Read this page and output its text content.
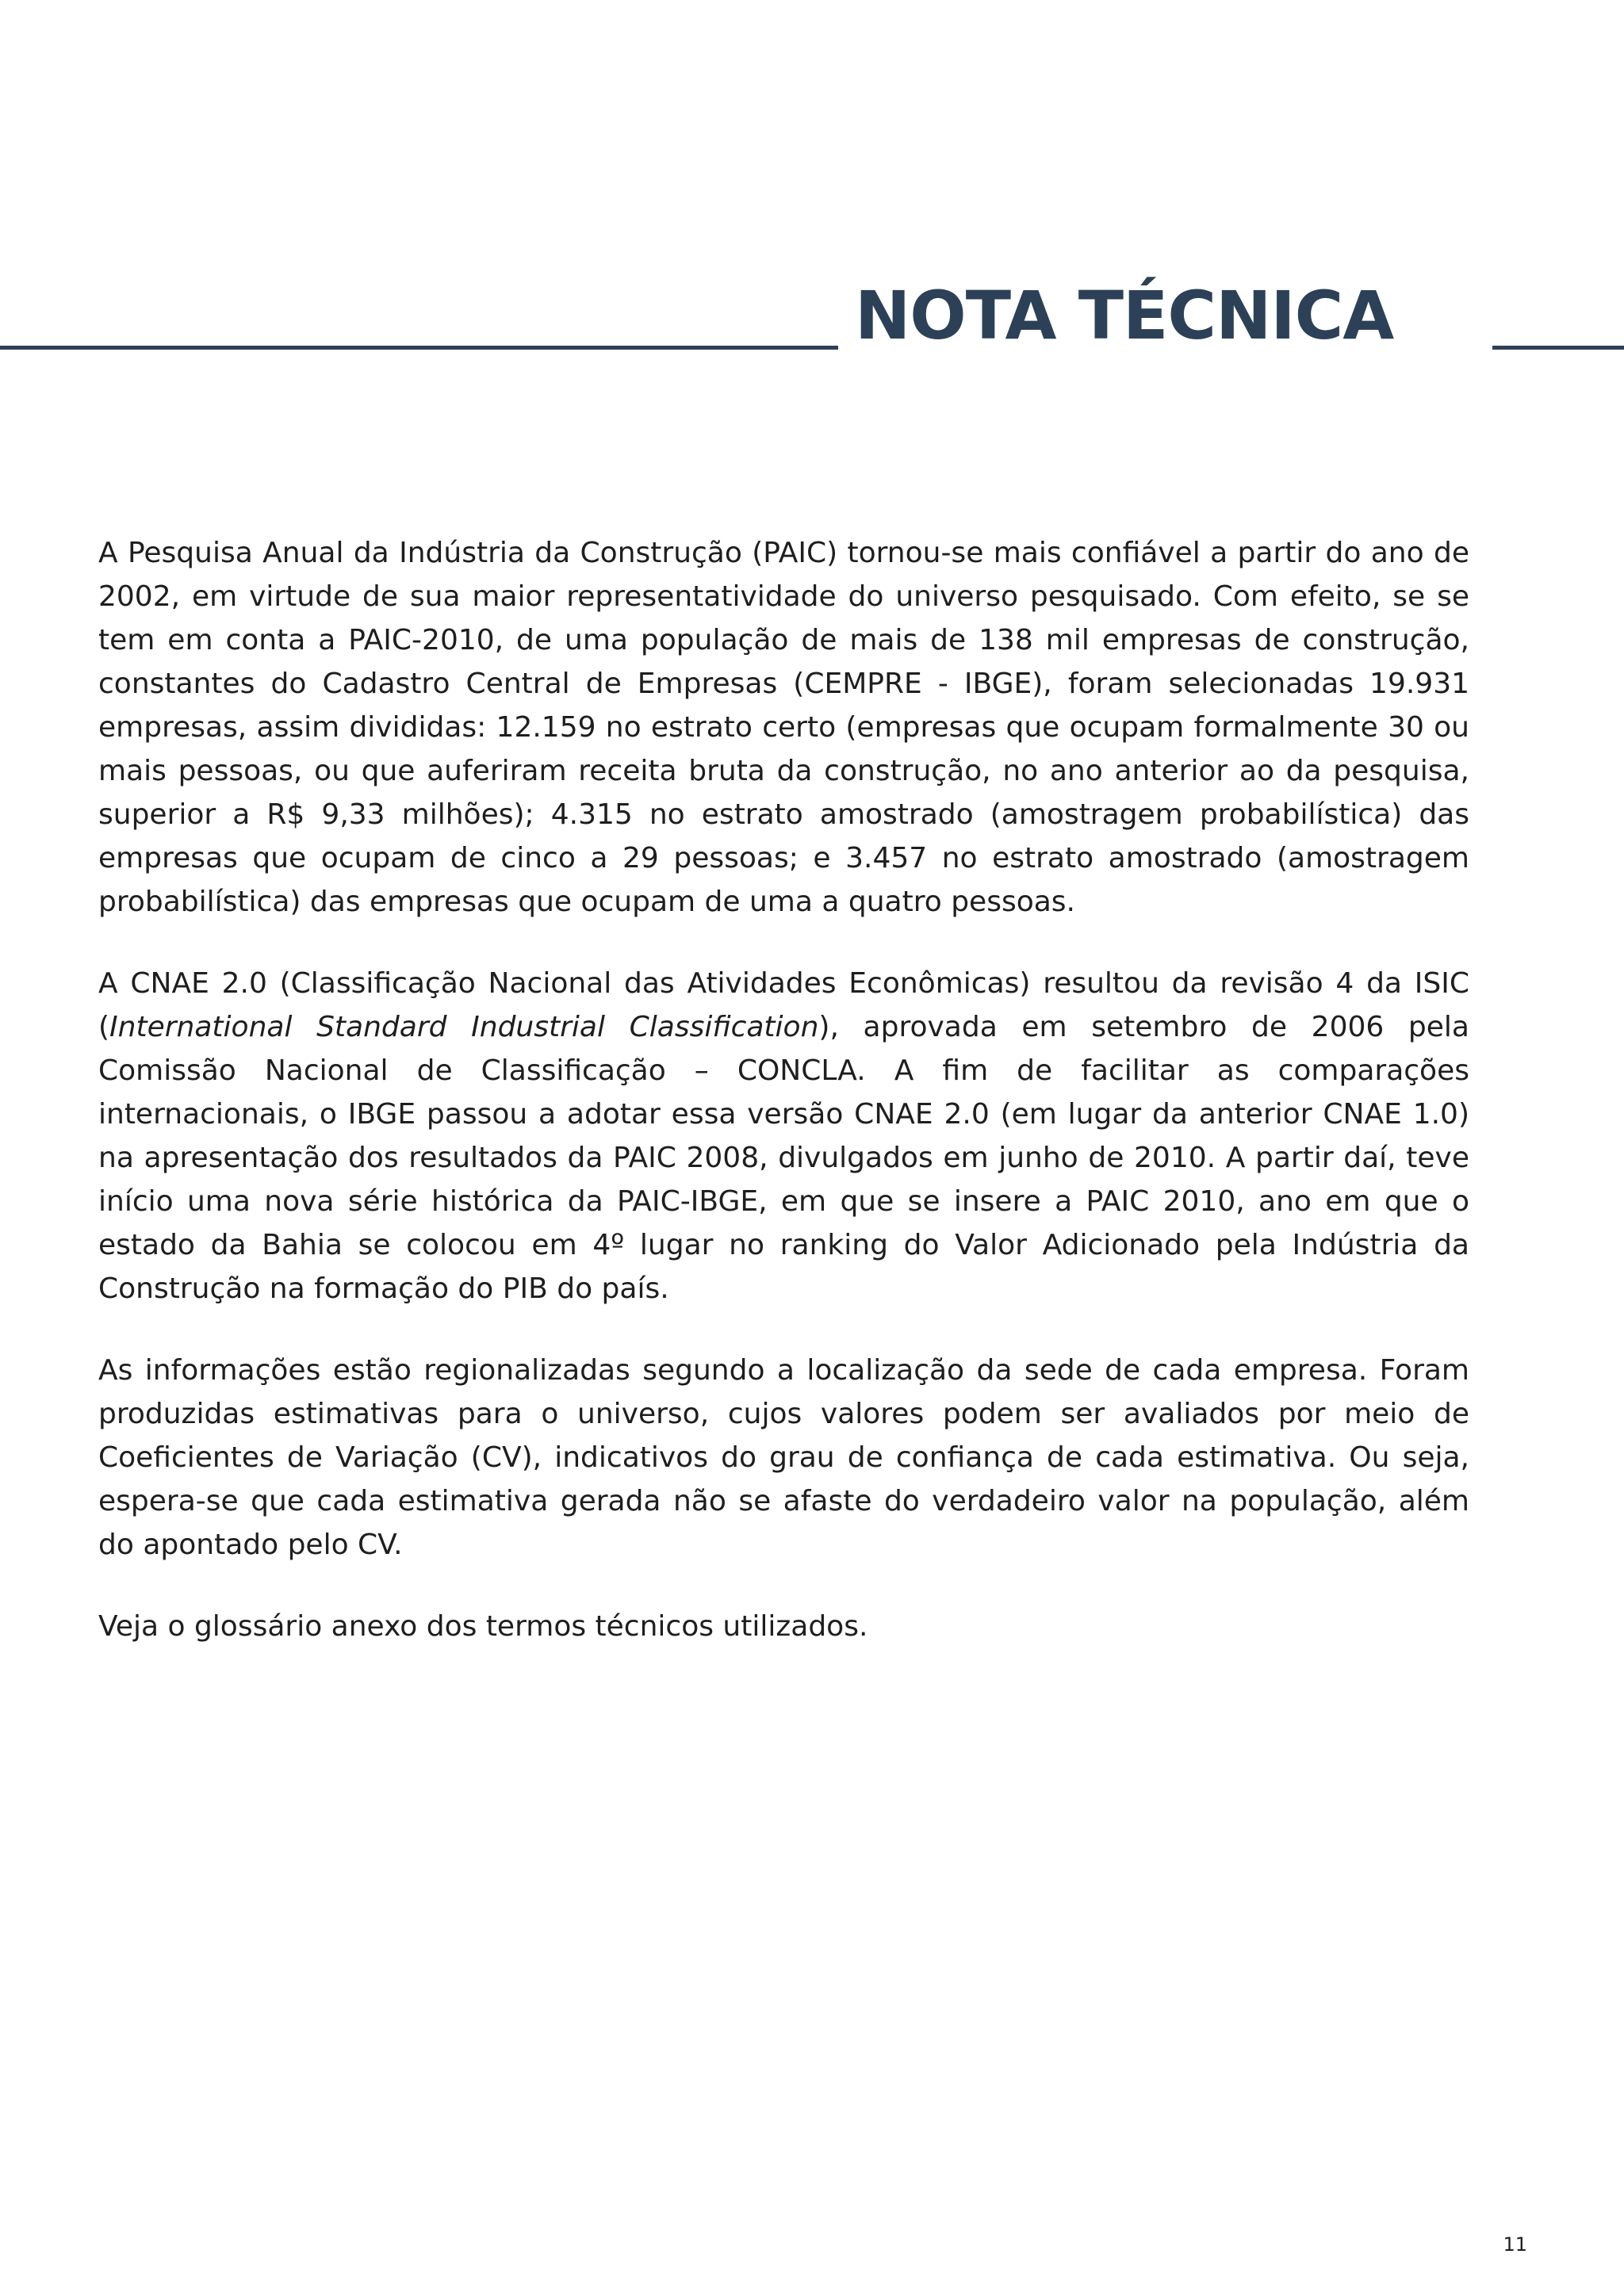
NOTA TÉCNICA

A Pesquisa Anual da Indústria da Construção (PAIC) tornou-se mais confiável a partir do ano de 2002, em virtude de sua maior representatividade do universo pesquisado. Com efeito, se se tem em conta a PAIC-2010, de uma população de mais de 138 mil empresas de construção, constantes do Cadastro Central de Empresas (CEMPRE - IBGE), foram selecionadas 19.931 empresas, assim divididas: 12.159 no estrato certo (empresas que ocupam formalmente 30 ou mais pessoas, ou que auferiram receita bruta da construção, no ano anterior ao da pesquisa, superior a R$ 9,33 milhões); 4.315 no estrato amostrado (amostragem probabilística) das empresas que ocupam de cinco a 29 pessoas; e 3.457 no estrato amostrado (amostragem probabilística) das empresas que ocupam de uma a quatro pessoas.

A CNAE 2.0 (Classificação Nacional das Atividades Econômicas) resultou da revisão 4 da ISIC (International Standard Industrial Classification), aprovada em setembro de 2006 pela Comissão Nacional de Classificação – CONCLA. A fim de facilitar as comparações internacionais, o IBGE passou a adotar essa versão CNAE 2.0 (em lugar da anterior CNAE 1.0) na apresentação dos resultados da PAIC 2008, divulgados em junho de 2010. A partir daí, teve início uma nova série histórica da PAIC-IBGE, em que se insere a PAIC 2010, ano em que o estado da Bahia se colocou em 4º lugar no ranking do Valor Adicionado pela Indústria da Construção na formação do PIB do país.

As informações estão regionalizadas segundo a localização da sede de cada empresa. Foram produzidas estimativas para o universo, cujos valores podem ser avaliados por meio de Coeficientes de Variação (CV), indicativos do grau de confiança de cada estimativa. Ou seja, espera-se que cada estimativa gerada não se afaste do verdadeiro valor na população, além do apontado pelo CV.

Veja o glossário anexo dos termos técnicos utilizados.

11
